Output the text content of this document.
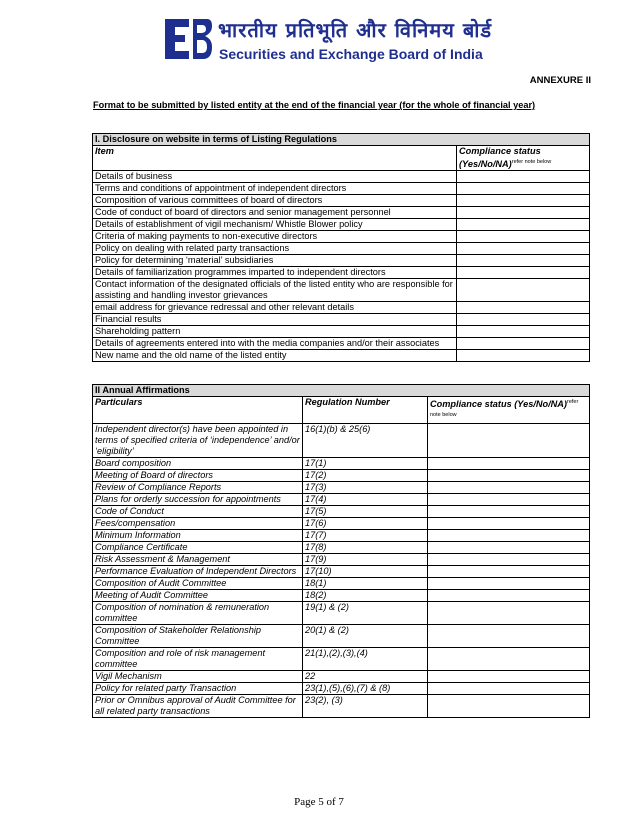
भारतीय प्रतिभूति और विनिमय बोर्ड
Securities and Exchange Board of India
ANNEXURE II
Format to be submitted by listed entity at the end of the financial year (for the whole of financial year)
I. Disclosure on website in terms of Listing Regulations	
Item	Compliance status (Yes/No/NA)$^{refer note below}$
Details of business	
Terms and conditions of appointment of independent directors	
Composition of various committees of board of directors	
Code of conduct of board of directors and senior management personnel	
Details of establishment of vigil mechanism/ Whistle Blower policy	
Criteria of making payments to non-executive directors	
Policy on dealing with related party transactions	
Policy for determining ‘material’ subsidiaries	
Details of familiarization programmes imparted to independent directors	
Contact information of the designated officials of the listed entity who are responsible for assisting and handling investor grievances	
email address for grievance redressal and other relevant details	
Financial results	
Shareholding pattern	
Details of agreements entered into with the media companies and/or their associates	
New name and the old name of the listed entity	
II Annual Affirmations		
Particulars	Regulation Number	Compliance status (Yes/No/NA)$^{refer note below}$
Independent director(s) have been appointed in terms of specified criteria of ‘independence’ and/or ‘eligibility’	16(1)(b) & 25(6)	
Board composition	17(1)	
Meeting of Board of directors	17(2)	
Review of Compliance Reports	17(3)	
Plans for orderly succession for appointments	17(4)	
Code of Conduct	17(5)	
Fees/compensation	17(6)	
Minimum Information	17(7)	
Compliance Certificate	17(8)	
Risk Assessment & Management	17(9)	
Performance Evaluation of Independent Directors	17(10)	
Composition of Audit Committee	18(1)	
Meeting of Audit Committee	18(2)	
Composition of nomination & remuneration committee	19(1) & (2)	
Composition of Stakeholder Relationship Committee	20(1) & (2)	
Composition and role of risk management committee	21(1),(2),(3),(4)	
Vigil Mechanism	22	
Policy for related party Transaction	23(1),(5),(6),(7) & (8)	
Prior or Omnibus approval of Audit Committee for all related party transactions	23(2), (3)	
Page 5 of 7
